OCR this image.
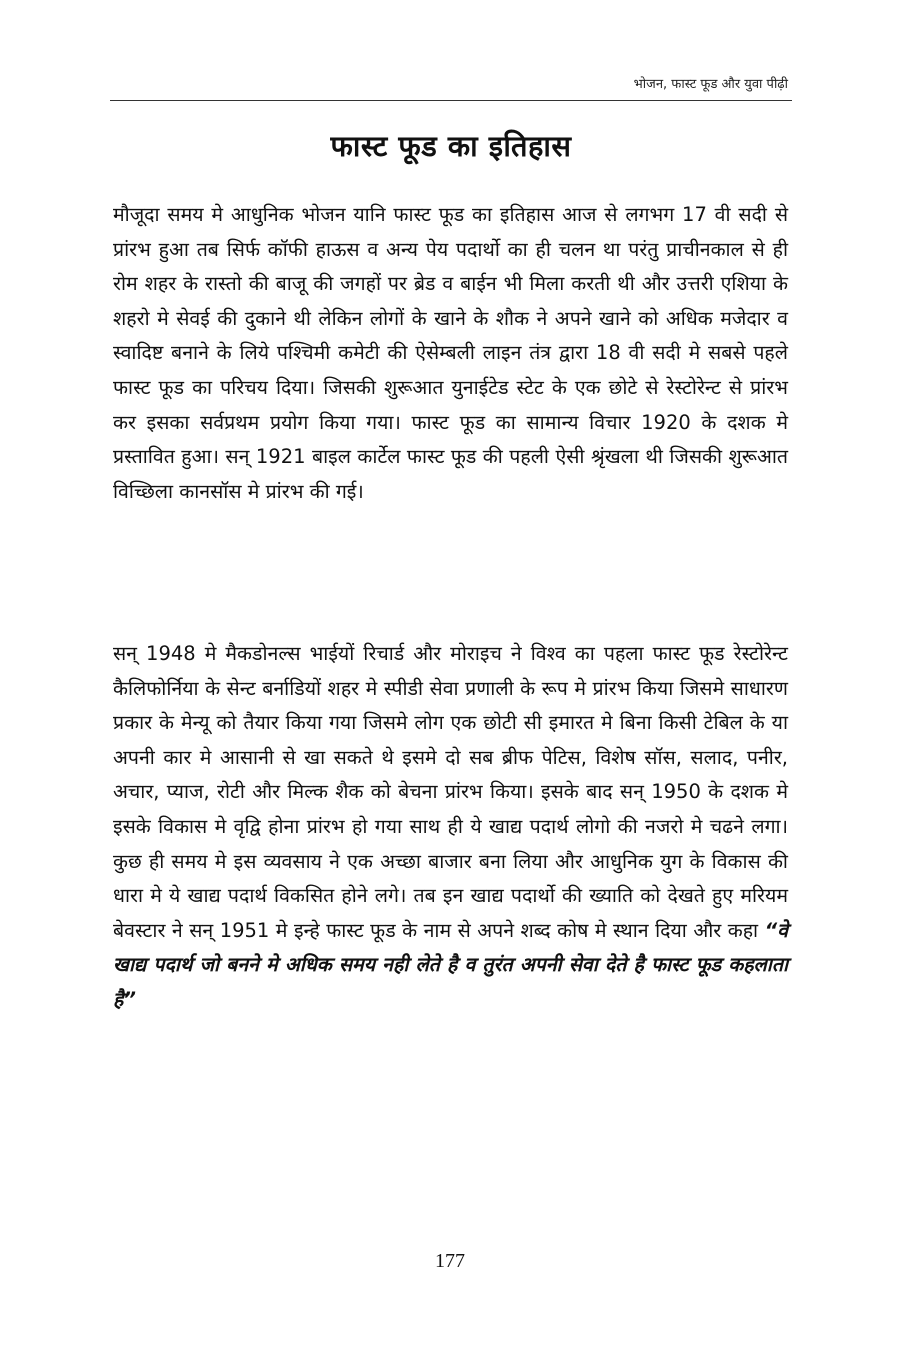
भोजन, फास्ट फूड और युवा पीढ़ी
फास्ट फूड का इतिहास

मौजूदा समय मे आधुनिक भोजन यानि फास्ट फूड का इतिहास आज से लगभग 17 वी सदी से प्रांरभ हुआ तब सिर्फ कॉफी हाऊस व अन्य पेय पदार्थो का ही चलन था परंतु प्राचीनकाल से ही रोम शहर के रास्तो की बाजू की जगहों पर ब्रेड व बाईन भी मिला करती थी और उत्तरी एशिया के शहरो मे सेवई की दुकाने थी लेकिन लोगों के खाने के शौक ने अपने खाने को अधिक मजेदार व स्वादिष्ट बनाने के लिये पश्चिमी कमेटी की ऐसेम्बली लाइन तंत्र द्वारा 18 वी सदी मे सबसे पहले फास्ट फूड का परिचय दिया। जिसकी शुरूआत युनाईटेड स्टेट के एक छोटे से रेस्टोरेन्ट से प्रांरभ कर इसका सर्वप्रथम प्रयोग किया गया। फास्ट फूड का सामान्य विचार 1920 के दशक मे प्रस्तावित हुआ। सन् 1921 बाइल कार्टेल फास्ट फूड की पहली ऐसी श्रृंखला थी जिसकी शुरूआत विच्छिला कानसॉस मे प्रांरभ की गई।

सन् 1948 मे मैकडोनल्स भाईयों रिचार्ड और मोराइच ने विश्व का पहला फास्ट फूड रेस्टोरेन्ट कैलिफोर्निया के सेन्ट बर्नाडियों शहर मे स्पीडी सेवा प्रणाली के रूप मे प्रांरभ किया जिसमे साधारण प्रकार के मेन्यू को तैयार किया गया जिसमे लोग एक छोटी सी इमारत मे बिना किसी टेबिल के या अपनी कार मे आसानी से खा सकते थे इसमे दो सब ब्रीफ पेटिस, विशेष सॉस, सलाद, पनीर, अचार, प्याज, रोटी और मिल्क शैक को बेचना प्रांरभ किया। इसके बाद सन् 1950 के दशक मे इसके विकास मे वृद्वि होना प्रांरभ हो गया साथ ही ये खाद्य पदार्थ लोगो की नजरो मे चढने लगा। कुछ ही समय मे इस व्यवसाय ने एक अच्छा बाजार बना लिया और आधुनिक युग के विकास की धारा मे ये खाद्य पदार्थ विकसित होने लगे। तब इन खाद्य पदार्थो की ख्याति को देखते हुए मरियम बेवस्टार ने सन् 1951 मे इन्हे फास्ट फूड के नाम से अपने शब्द कोष मे स्थान दिया और कहा “वे खाद्य पदार्थ जो बनने मे अधिक समय नही लेते है व तुरंत अपनी सेवा देते है फास्ट फूड कहलाता है”

177
